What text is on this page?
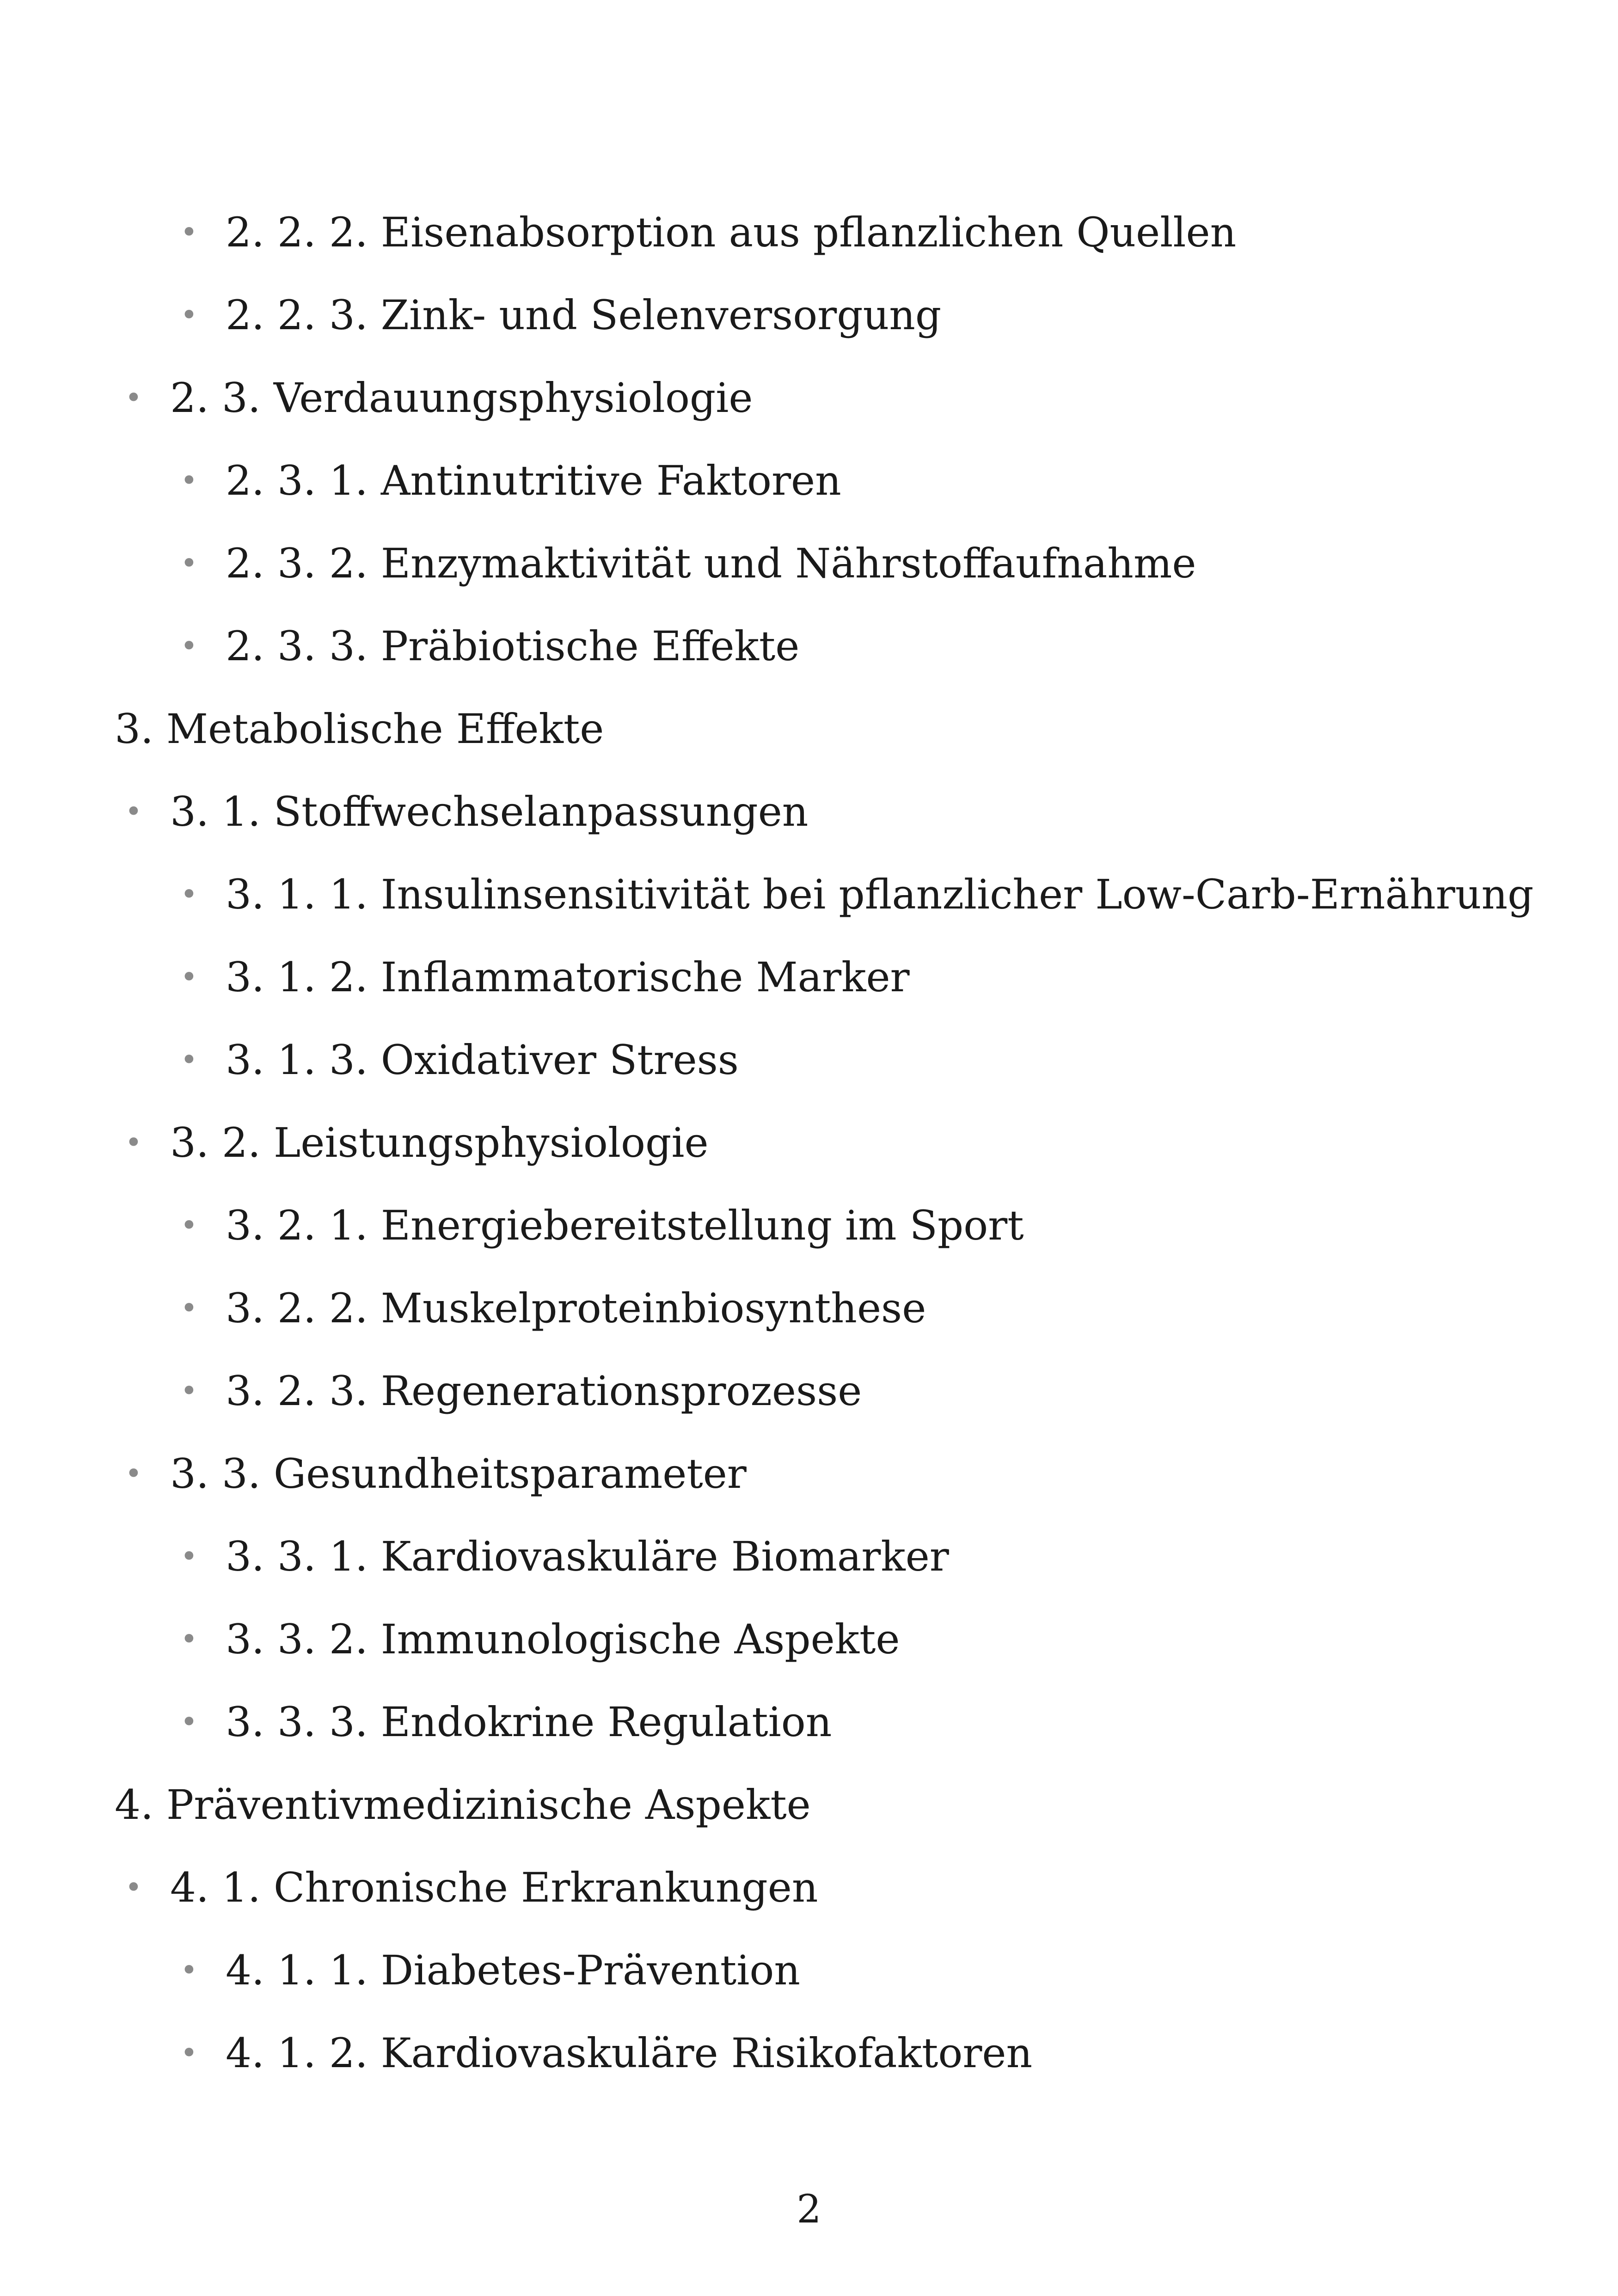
• 2. 2. 2. Eisenabsorption aus pflanzlichen Quellen
• 2. 2. 3. Zink- und Selenversorgung
• 2. 3. Verdauungsphysiologie
• 2. 3. 1. Antinutritive Faktoren
• 2. 3. 2. Enzymaktivität und Nährstoffaufnahme
• 2. 3. 3. Präbiotische Effekte
3. Metabolische Effekte
• 3. 1. Stoffwechselanpassungen
• 3. 1. 1. Insulinsensitivität bei pflanzlicher Low-Carb-Ernährung
• 3. 1. 2. Inflammatorische Marker
• 3. 1. 3. Oxidativer Stress
• 3. 2. Leistungsphysiologie
• 3. 2. 1. Energiebereitstellung im Sport
• 3. 2. 2. Muskelproteinbiosynthese
• 3. 2. 3. Regenerationsprozesse
• 3. 3. Gesundheitsparameter
• 3. 3. 1. Kardiovaskuläre Biomarker
• 3. 3. 2. Immunologische Aspekte
• 3. 3. 3. Endokrine Regulation
4. Präventivmedizinische Aspekte
• 4. 1. Chronische Erkrankungen
• 4. 1. 1. Diabetes-Prävention
• 4. 1. 2. Kardiovaskuläre Risikofaktoren
2
